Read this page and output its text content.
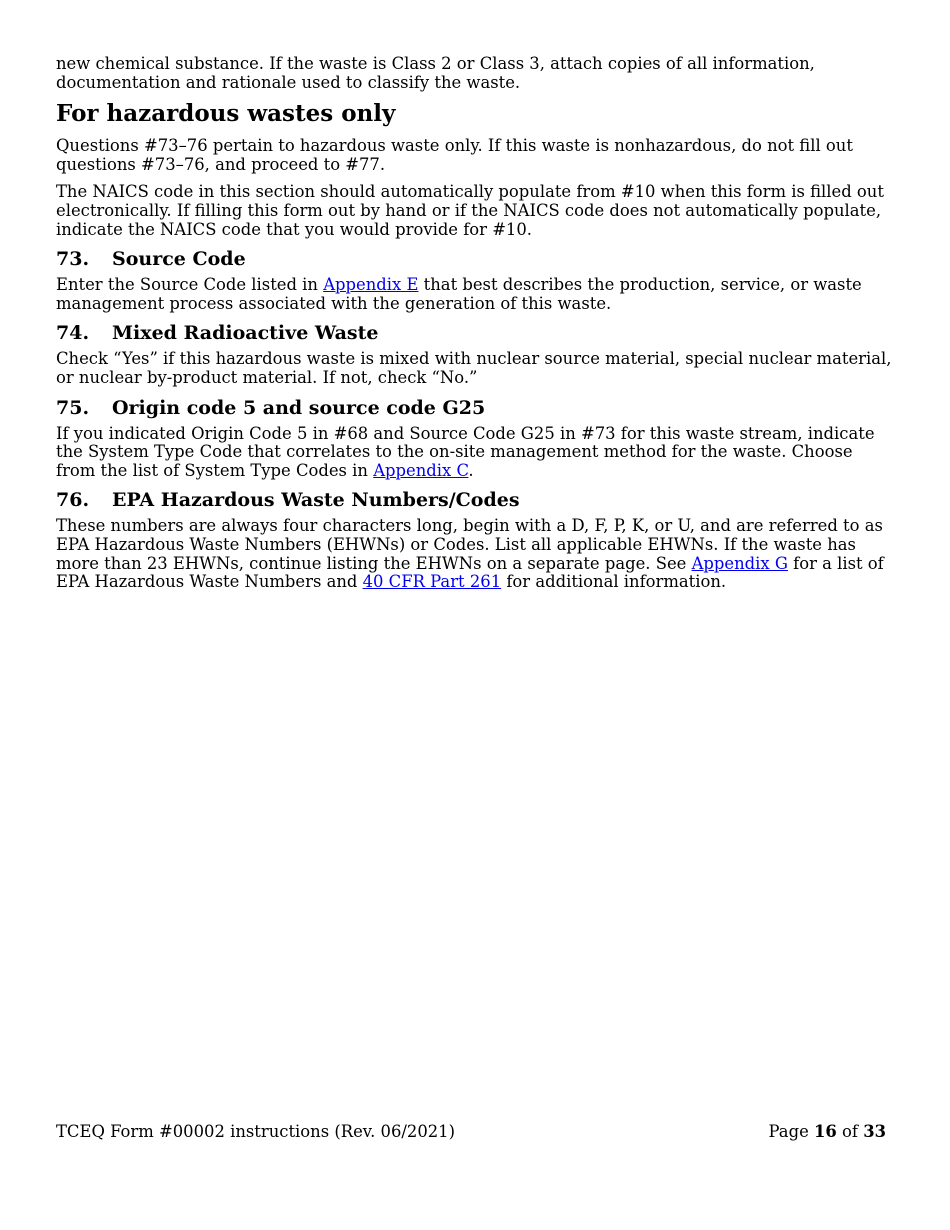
new chemical substance. If the waste is Class 2 or Class 3, attach copies of all information, documentation and rationale used to classify the waste.

For hazardous wastes only

Questions #73–76 pertain to hazardous waste only. If this waste is nonhazardous, do not fill out questions #73–76, and proceed to #77.

The NAICS code in this section should automatically populate from #10 when this form is filled out electronically. If filling this form out by hand or if the NAICS code does not automatically populate, indicate the NAICS code that you would provide for #10.

73.	Source Code

Enter the Source Code listed in Appendix E that best describes the production, service, or waste management process associated with the generation of this waste.

74.	Mixed Radioactive Waste

Check “Yes” if this hazardous waste is mixed with nuclear source material, special nuclear material, or nuclear by-product material. If not, check “No.”

75.	Origin code 5 and source code G25

If you indicated Origin Code 5 in #68 and Source Code G25 in #73 for this waste stream, indicate the System Type Code that correlates to the on-site management method for the waste. Choose from the list of System Type Codes in Appendix C.

76.	EPA Hazardous Waste Numbers/Codes

These numbers are always four characters long, begin with a D, F, P, K, or U, and are referred to as EPA Hazardous Waste Numbers (EHWNs) or Codes. List all applicable EHWNs. If the waste has more than 23 EHWNs, continue listing the EHWNs on a separate page. See Appendix G for a list of EPA Hazardous Waste Numbers and 40 CFR Part 261 for additional information.

TCEQ Form #00002 instructions (Rev. 06/2021)	Page 16 of 33
